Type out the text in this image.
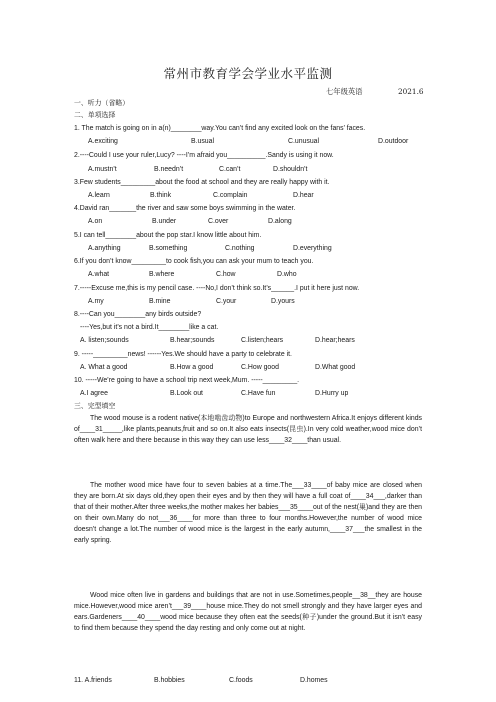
常州市教育学会学业水平监测
七年级英语	2021.6
一、听力（省略）
二、单项选择
1. The match is going on in a(n)________way.You can’t find any excited look on the fans’ faces.
A.exciting	B.usual	C.unusual	D.outdoor
2.----Could I use your ruler,Lucy? ----I’m afraid you__________.Sandy is using it now.
A.mustn’t	B.needn’t	C.can’t	D.shouldn’t
3.Few students_________about the food at school and they are really happy with it.
A.learn	B.think	C.complain	D.hear
4.David ran_______the river and saw some boys swimming in the water.
A.on	B.under	C.over	D.along
5.I can tell________about the pop star.I know little about him.
A.anything	B.something	C.nothing	D.everything
6.If you don’t know_________to cook fish,you can ask your mum to teach you.
A.what	B.where	C.how	D.who
7.-----Excuse me,this is my pencil case. ----No,I don’t think so.It’s______.I put it here just now.
A.my	B.mine	C.your	D.yours
8.----Can you________any birds outside?
----Yes,but it’s not a bird.It________like a cat.
A. listen;sounds	B.hear;sounds	C.listen;hears	D.hear;hears
9. -----_________news! ------Yes.We should have a party to celebrate it.
A. What a good	B.How a good	C.How good	D.What good
10. -----We’re going to have a school trip next week,Mum. -----_________.
A.I agree	B.Look out	C.Have fun	D.Hurry up
三、完型填空
The wood mouse is a rodent native(本地啮齿动物)to Europe and northwestern Africa.It enjoys different kinds of____31_____,like plants,peanuts,fruit and so on.It also eats insects(昆虫).In very cold weather,wood mice don’t often walk here and there because in this way they can use less____32____than usual.
The mother wood mice have four to seven babies at a time.The___33____of baby mice are closed when they are born.At six days old,they open their eyes and by then they will have a full coat of____34___,darker than that of their mother.After three weeks,the mother makes her babies___35____out of the nest(巢)and they are then on their own.Many do not___36____for more than three to four months.However,the number of wood mice doesn’t change a lot.The number of wood mice is the largest in the early autumn,____37___the smallest in the early spring.
Wood mice often live in gardens and buildings that are not in use.Sometimes,people__38__they are house mice.However,wood mice aren’t___39____house mice.They do not smell strongly and they have larger eyes and ears.Gardeners____40____wood mice because they often eat the seeds(种子)under the ground.But it isn’t easy to find them because they spend the day resting and only come out at night.
11. A.friends	B.hobbies	C.foods	D.homes
